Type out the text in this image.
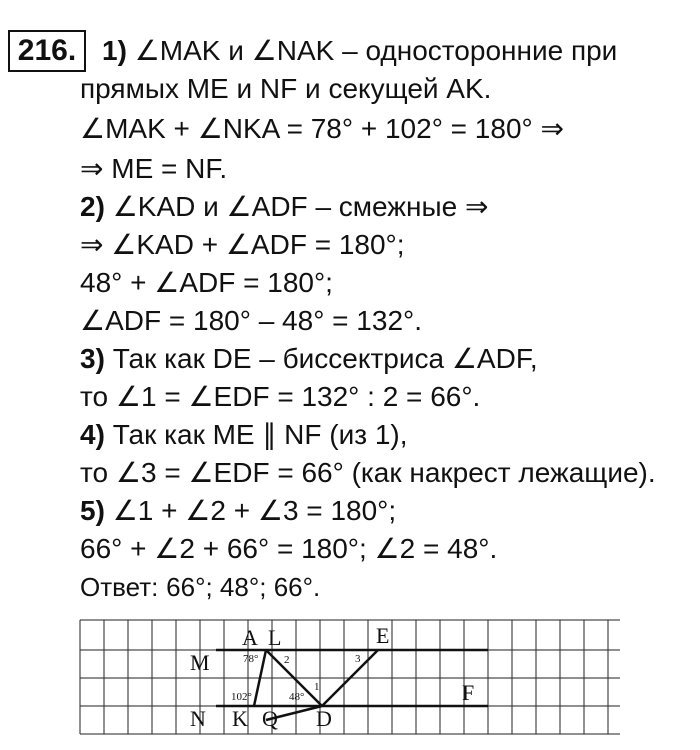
216. 1) ∠MAK и ∠NAK – односторонние при
прямых ME и NF и секущей AK.
∠MAK + ∠NKA = 78° + 102° = 180° ⇒
⇒ ME = NF.
2) ∠KAD и ∠ADF – смежные ⇒
⇒ ∠KAD + ∠ADF = 180°;
48° + ∠ADF = 180°;
∠ADF = 180° – 48° = 132°.
3) Так как DE – биссектриса ∠ADF,
то ∠1 = ∠EDF = 132° : 2 = 66°.
4) Так как ME ∥ NF (из 1),
то ∠3 = ∠EDF = 66° (как накрест лежащие).
5) ∠1 + ∠2 + ∠3 = 180°;
66° + ∠2 + 66° = 180°; ∠2 = 48°.
Ответ: 66°; 48°; 66°.
A L	E
M
N K Q D
F
78°
102°	48°
1
2	3
